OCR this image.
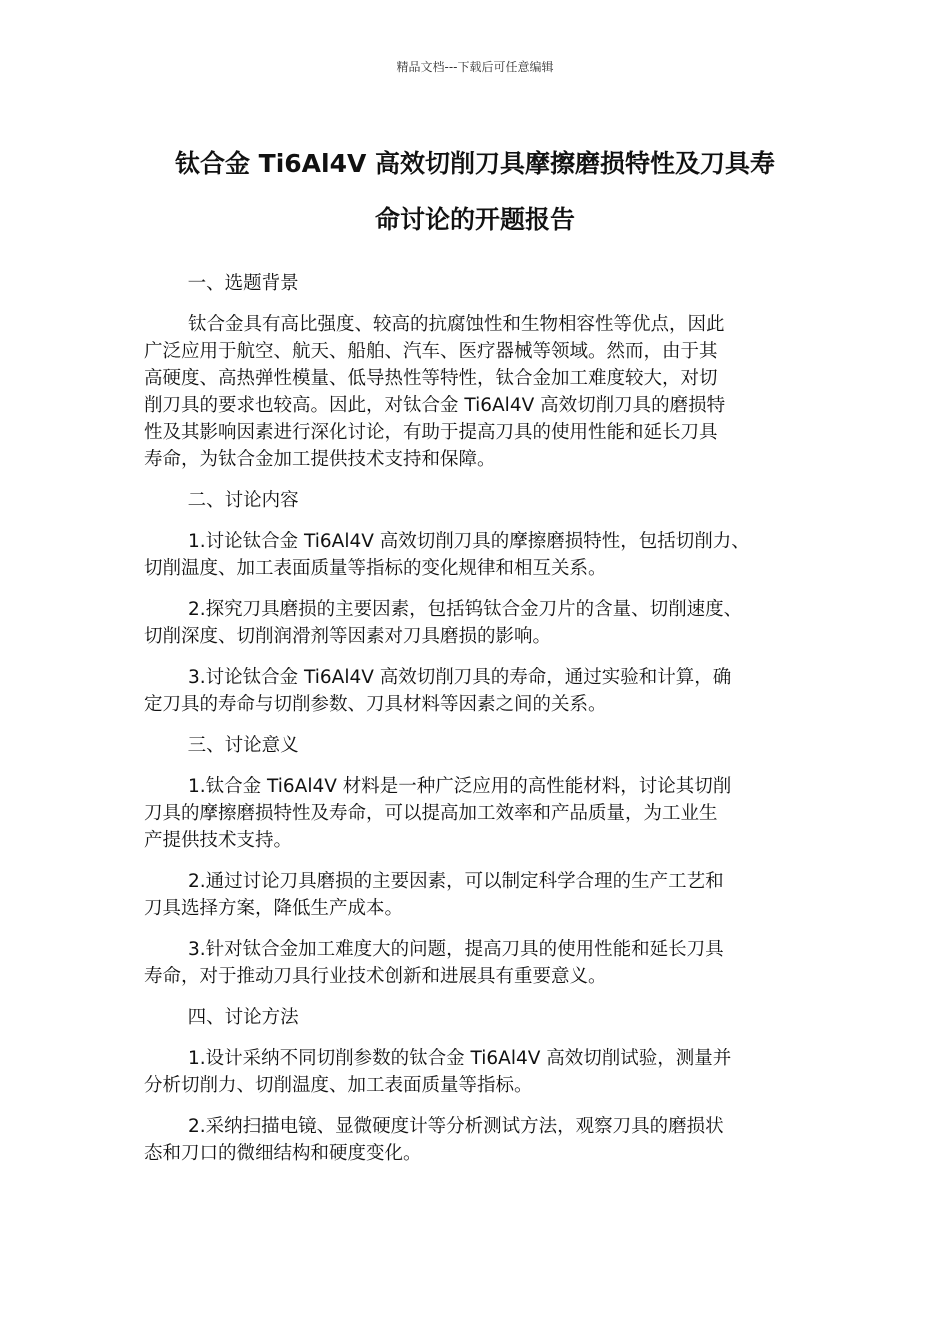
精品文档---下载后可任意编辑
钛合金 Ti6Al4V 高效切削刀具摩擦磨损特性及刀具寿
命讨论的开题报告

一、选题背景

钛合金具有高比强度、较高的抗腐蚀性和生物相容性等优点，因此
广泛应用于航空、航天、船舶、汽车、医疗器械等领域。然而，由于其
高硬度、高热弹性模量、低导热性等特性，钛合金加工难度较大，对切
削刀具的要求也较高。因此，对钛合金 Ti6Al4V 高效切削刀具的磨损特
性及其影响因素进行深化讨论，有助于提高刀具的使用性能和延长刀具
寿命，为钛合金加工提供技术支持和保障。

二、讨论内容

1.讨论钛合金 Ti6Al4V 高效切削刀具的摩擦磨损特性，包括切削力、
切削温度、加工表面质量等指标的变化规律和相互关系。

2.探究刀具磨损的主要因素，包括钨钛合金刀片的含量、切削速度、
切削深度、切削润滑剂等因素对刀具磨损的影响。

3.讨论钛合金 Ti6Al4V 高效切削刀具的寿命，通过实验和计算，确
定刀具的寿命与切削参数、刀具材料等因素之间的关系。

三、讨论意义

1.钛合金 Ti6Al4V 材料是一种广泛应用的高性能材料，讨论其切削
刀具的摩擦磨损特性及寿命，可以提高加工效率和产品质量，为工业生
产提供技术支持。

2.通过讨论刀具磨损的主要因素，可以制定科学合理的生产工艺和
刀具选择方案，降低生产成本。

3.针对钛合金加工难度大的问题，提高刀具的使用性能和延长刀具
寿命，对于推动刀具行业技术创新和进展具有重要意义。

四、讨论方法

1.设计采纳不同切削参数的钛合金 Ti6Al4V 高效切削试验，测量并
分析切削力、切削温度、加工表面质量等指标。

2.采纳扫描电镜、显微硬度计等分析测试方法，观察刀具的磨损状
态和刀口的微细结构和硬度变化。
